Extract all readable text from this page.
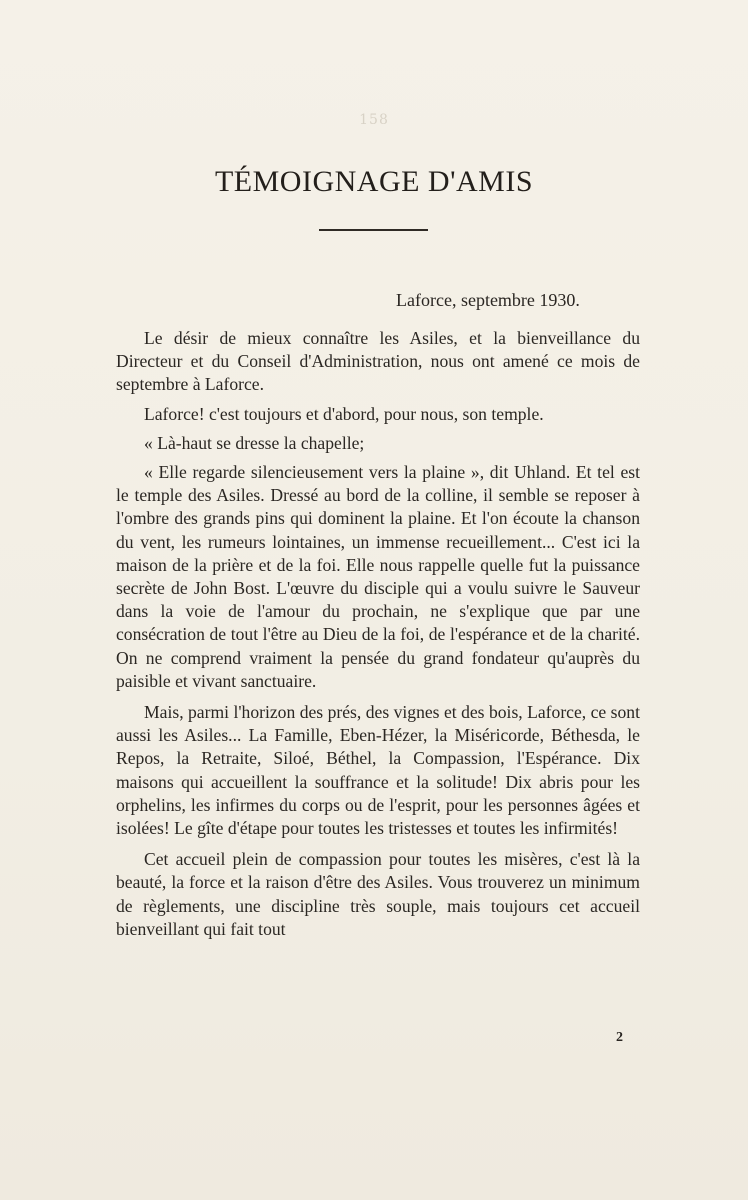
158
TÉMOIGNAGE D'AMIS
Laforce, septembre 1930.

Le désir de mieux connaître les Asiles, et la bienveillance du Directeur et du Conseil d'Administration, nous ont amené ce mois de septembre à Laforce.

Laforce! c'est toujours et d'abord, pour nous, son temple.

« Là-haut se dresse la chapelle;

« Elle regarde silencieusement vers la plaine », dit Uhland. Et tel est le temple des Asiles. Dressé au bord de la colline, il semble se reposer à l'ombre des grands pins qui dominent la plaine. Et l'on écoute la chanson du vent, les rumeurs lointaines, un immense recueillement... C'est ici la maison de la prière et de la foi. Elle nous rappelle quelle fut la puissance secrète de John Bost. L'œuvre du disciple qui a voulu suivre le Sauveur dans la voie de l'amour du prochain, ne s'explique que par une consécration de tout l'être au Dieu de la foi, de l'espérance et de la charité. On ne comprend vraiment la pensée du grand fondateur qu'auprès du paisible et vivant sanctuaire.

Mais, parmi l'horizon des prés, des vignes et des bois, Laforce, ce sont aussi les Asiles... La Famille, Eben-Hézer, la Miséricorde, Béthesda, le Repos, la Retraite, Siloé, Béthel, la Compassion, l'Espérance. Dix maisons qui accueillent la souffrance et la solitude! Dix abris pour les orphelins, les infirmes du corps ou de l'esprit, pour les personnes âgées et isolées! Le gîte d'étape pour toutes les tristesses et toutes les infirmités!

Cet accueil plein de compassion pour toutes les misères, c'est là la beauté, la force et la raison d'être des Asiles. Vous trouverez un minimum de règlements, une discipline très souple, mais toujours cet accueil bienveillant qui fait tout

2
